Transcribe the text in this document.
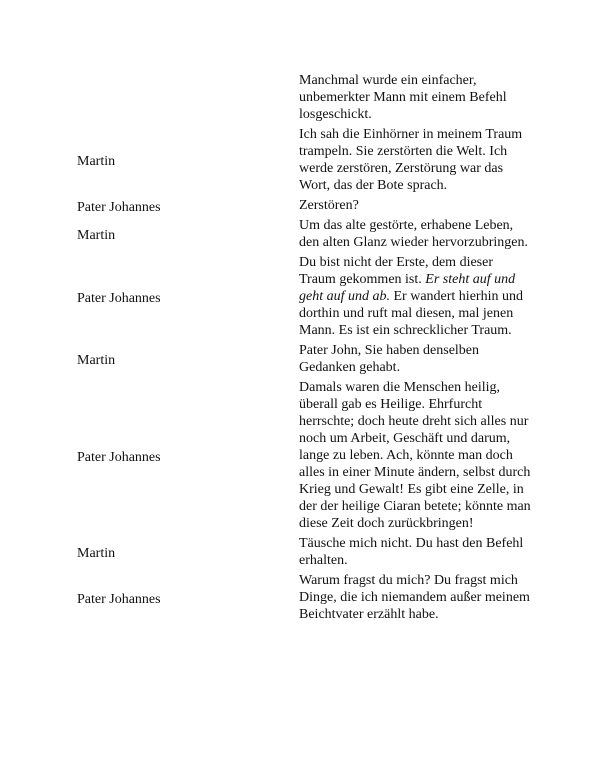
Manchmal wurde ein einfacher, unbemerkter Mann mit einem Befehl losgeschickt.
Martin
Ich sah die Einhörner in meinem Traum trampeln. Sie zerstörten die Welt. Ich werde zerstören, Zerstörung war das Wort, das der Bote sprach.
Pater Johannes	Zerstören?
Martin
Um das alte gestörte, erhabene Leben, den alten Glanz wieder hervorzubringen.
Pater Johannes
Du bist nicht der Erste, dem dieser Traum gekommen ist. Er steht auf und geht auf und ab. Er wandert hierhin und dorthin und ruft mal diesen, mal jenen Mann. Es ist ein schrecklicher Traum.
Martin
Pater John, Sie haben denselben Gedanken gehabt.
Pater Johannes
Damals waren die Menschen heilig, überall gab es Heilige. Ehrfurcht herrschte; doch heute dreht sich alles nur noch um Arbeit, Geschäft und darum, lange zu leben. Ach, könnte man doch alles in einer Minute ändern, selbst durch Krieg und Gewalt! Es gibt eine Zelle, in der der heilige Ciaran betete; könnte man diese Zeit doch zurückbringen!
Martin
Täusche mich nicht. Du hast den Befehl erhalten.
Pater Johannes
Warum fragst du mich? Du fragst mich Dinge, die ich niemandem außer meinem Beichtvater erzählt habe.
